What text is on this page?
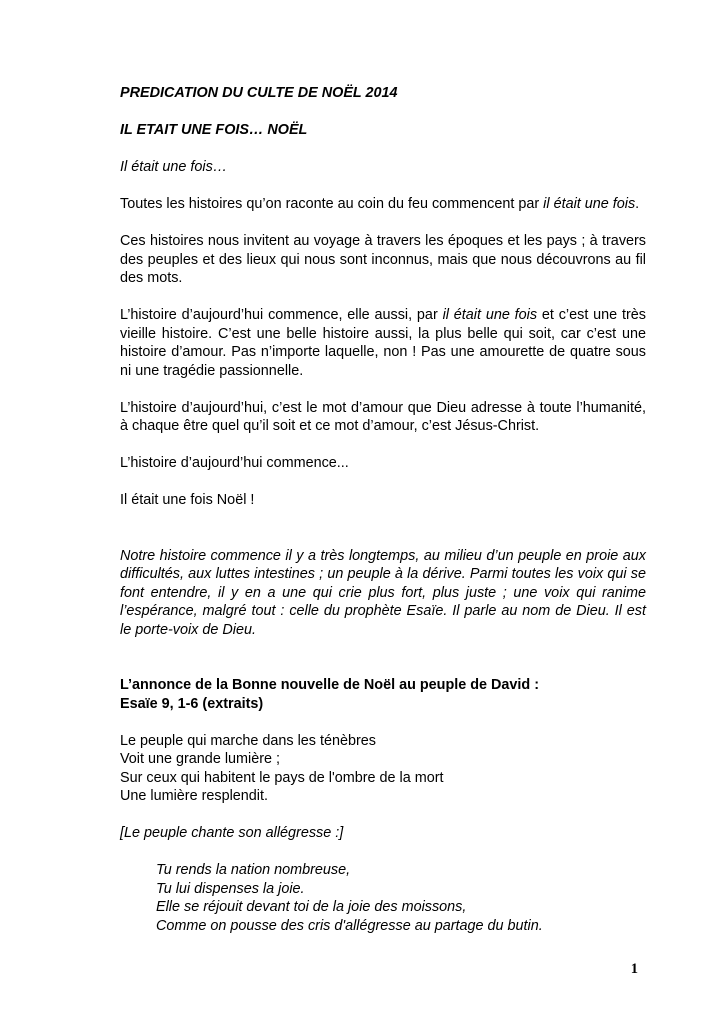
PREDICATION DU CULTE DE NOËL 2014
IL ETAIT UNE FOIS… NOËL
Il était une fois…
Toutes les histoires qu’on raconte au coin du feu commencent par il était une fois.
Ces histoires nous invitent au voyage à travers les époques et les pays ; à travers des peuples et des lieux qui nous sont inconnus, mais que nous découvrons au fil des mots.
L’histoire d’aujourd’hui commence, elle aussi, par il était une fois et c’est une très vieille histoire. C’est une belle histoire aussi, la plus belle qui soit, car c’est une histoire d’amour. Pas n’importe laquelle, non ! Pas une amourette de quatre sous ni une tragédie passionnelle.
L’histoire d’aujourd’hui, c’est le mot d’amour que Dieu adresse à toute l’humanité, à chaque être quel qu’il soit et ce mot d’amour, c’est Jésus-Christ.
L’histoire d’aujourd’hui commence...
Il était une fois Noël !
Notre histoire commence il y a très longtemps, au milieu d’un peuple en proie aux difficultés, aux luttes intestines ; un peuple à la dérive. Parmi toutes les voix qui se font entendre, il y en a une qui crie plus fort, plus juste ; une voix qui ranime l’espérance, malgré tout : celle du prophète Esaïe. Il parle au nom de Dieu. Il est le porte-voix de Dieu.
L’annonce de la Bonne nouvelle de Noël au peuple de David :
Esaïe 9, 1-6 (extraits)
Le peuple qui marche dans les ténèbres
Voit une grande lumière ;
Sur ceux qui habitent le pays de l'ombre de la mort
Une lumière resplendit.
[Le peuple chante son allégresse :]
Tu rends la nation nombreuse,
Tu lui dispenses la joie.
Elle se réjouit devant toi de la joie des moissons,
Comme on pousse des cris d'allégresse au partage du butin.
1
